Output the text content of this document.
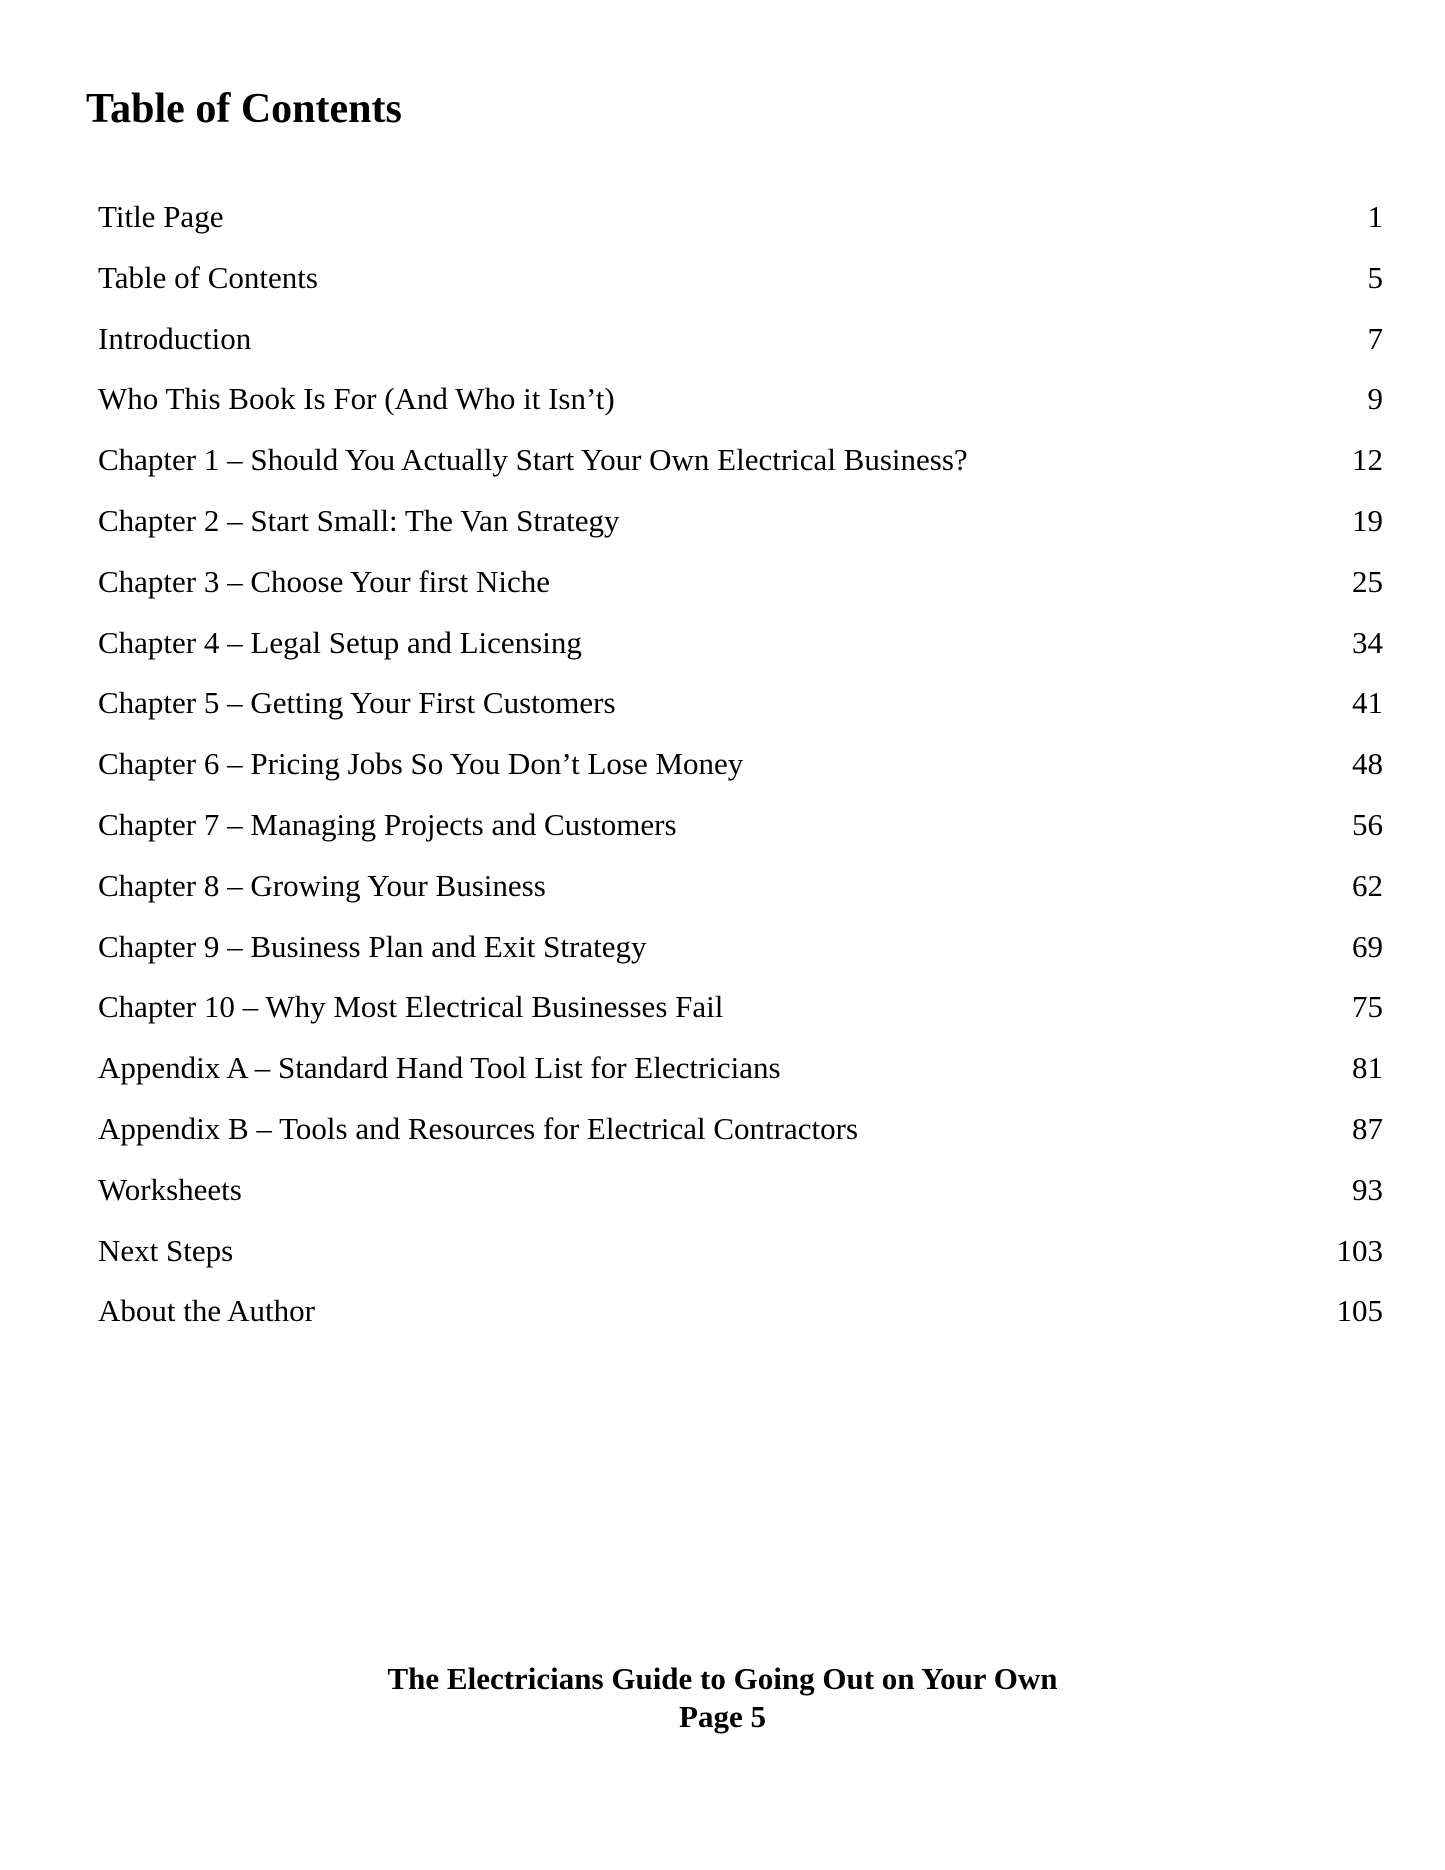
Table of Contents
Title Page	1
Table of Contents	5
Introduction	7
Who This Book Is For (And Who it Isn’t)	9
Chapter 1 – Should You Actually Start Your Own Electrical Business?	12
Chapter 2 – Start Small: The Van Strategy	19
Chapter 3 – Choose Your first Niche	25
Chapter 4 – Legal Setup and Licensing	34
Chapter 5 – Getting Your First Customers	41
Chapter 6 – Pricing Jobs So You Don’t Lose Money	48
Chapter 7 – Managing Projects and Customers	56
Chapter 8 – Growing Your Business	62
Chapter 9 – Business Plan and Exit Strategy	69
Chapter 10 – Why Most Electrical Businesses Fail	75
Appendix A – Standard Hand Tool List for Electricians	81
Appendix B – Tools and Resources for Electrical Contractors	87
Worksheets	93
Next Steps	103
About the Author	105
The Electricians Guide to Going Out on Your Own
Page 5
